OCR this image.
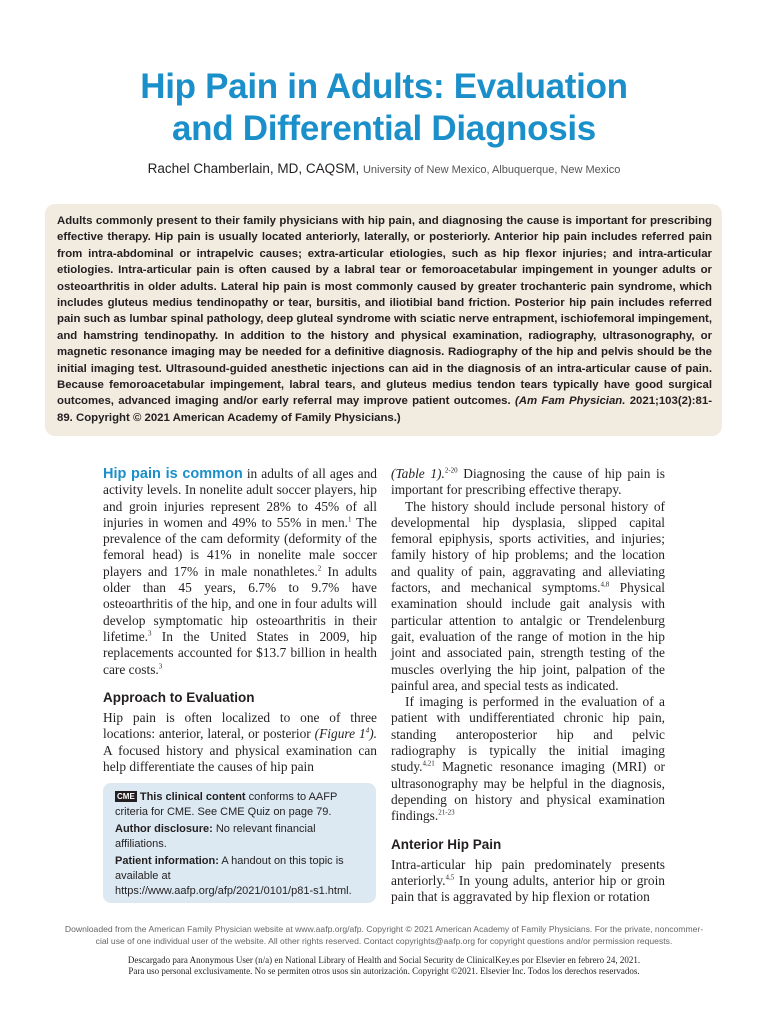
Hip Pain in Adults: Evaluation
and Differential Diagnosis
Rachel Chamberlain, MD, CAQSM, University of New Mexico, Albuquerque, New Mexico
Adults commonly present to their family physicians with hip pain, and diagnosing the cause is important for prescribing effective therapy. Hip pain is usually located anteriorly, laterally, or posteriorly. Anterior hip pain includes referred pain from intra-abdominal or intrapelvic causes; extra-articular etiologies, such as hip flexor injuries; and intra-articular etiologies. Intra-articular pain is often caused by a labral tear or femoroacetabular impingement in younger adults or osteoarthritis in older adults. Lateral hip pain is most commonly caused by greater trochanteric pain syndrome, which includes gluteus medius tendinopathy or tear, bursitis, and iliotibial band friction. Posterior hip pain includes referred pain such as lumbar spinal pathology, deep gluteal syndrome with sciatic nerve entrapment, ischiofemoral impingement, and hamstring tendinopathy. In addition to the history and physical examination, radiography, ultrasonography, or magnetic resonance imaging may be needed for a definitive diagnosis. Radiography of the hip and pelvis should be the initial imaging test. Ultrasound-guided anesthetic injections can aid in the diagnosis of an intra-articular cause of pain. Because femoroacetabular impingement, labral tears, and gluteus medius tendon tears typically have good surgical outcomes, advanced imaging and/or early referral may improve patient outcomes. (Am Fam Physician. 2021;103(2):81-89. Copyright © 2021 American Academy of Family Physicians.)

Hip pain is common in adults of all ages and activity levels. In nonelite adult soccer players, hip and groin injuries represent 28% to 45% of all injuries in women and 49% to 55% in men.$^1$ The prevalence of the cam deformity (deformity of the femoral head) is 41% in nonelite male soccer players and 17% in male nonathletes.$^2$ In adults older than 45 years, 6.7% to 9.7% have osteoarthritis of the hip, and one in four adults will develop symptomatic hip osteoarthritis in their lifetime.$^3$ In the United States in 2009, hip replacements accounted for $13.7 billion in health care costs.$^3$

Approach to Evaluation

Hip pain is often localized to one of three locations: anterior, lateral, or posterior (Figure $1^4$). A focused history and physical examination can help differentiate the causes of hip pain

CME This clinical content conforms to AAFP criteria for CME. See CME Quiz on page 79.

Author disclosure: No relevant financial affiliations.

Patient information: A handout on this topic is available at https://www.aafp.org/afp/2021/0101/p81-s1.html.

(Table 1).$^{2-20}$ Diagnosing the cause of hip pain is important for prescribing effective therapy.

The history should include personal history of developmental hip dysplasia, slipped capital femoral epiphysis, sports activities, and injuries; family history of hip problems; and the location and quality of pain, aggravating and alleviating factors, and mechanical symptoms.$^{4,8}$ Physical examination should include gait analysis with particular attention to antalgic or Trendelenburg gait, evaluation of the range of motion in the hip joint and associated pain, strength testing of the muscles overlying the hip joint, palpation of the painful area, and special tests as indicated.

If imaging is performed in the evaluation of a patient with undifferentiated chronic hip pain, standing anteroposterior hip and pelvic radiography is typically the initial imaging study.$^{4,21}$ Magnetic resonance imaging (MRI) or ultrasonography may be helpful in the diagnosis, depending on history and physical examination findings.$^{21-23}$

Anterior Hip Pain

Intra-articular hip pain predominately presents anteriorly.$^{4,5}$ In young adults, anterior hip or groin pain that is aggravated by hip flexion or rotation

Downloaded from the American Family Physician website at www.aafp.org/afp. Copyright © 2021 American Academy of Family Physicians. For the private, noncommer-
cial use of one individual user of the website. All other rights reserved. Contact copyrights@aafp.org for copyright questions and/or permission requests.
Descargado para Anonymous User (n/a) en National Library of Health and Social Security de ClinicalKey.es por Elsevier en febrero 24, 2021.
Para uso personal exclusivamente. No se permiten otros usos sin autorización. Copyright ©2021. Elsevier Inc. Todos los derechos reservados.
